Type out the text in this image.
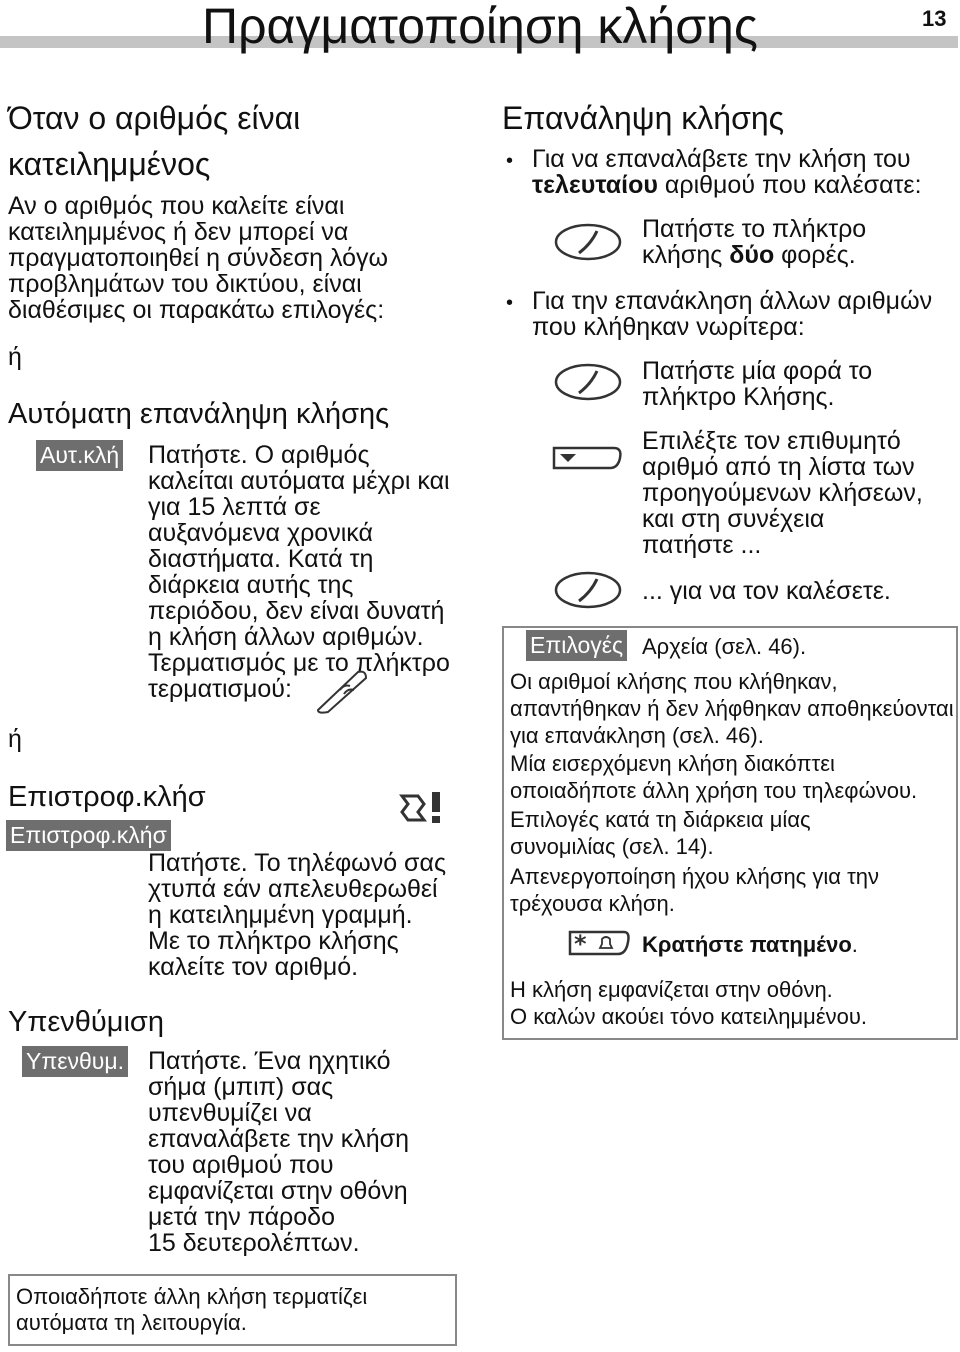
Πραγματοποίηση κλήσης	13
Όταν ο αριθμός είναι
κατειλημμένος
Αν ο αριθμός που καλείτε είναι
κατειλημμένος ή δεν μπορεί να
πραγματοποιηθεί η σύνδεση λόγω
προβλημάτων του δικτύου, είναι
διαθέσιμες οι παρακάτω επιλογές:
ή
Αυτόματη επανάληψη κλήσης
Αυτ.κλή Πατήστε. Ο αριθμός
καλείται αυτόματα μέχρι και
για 15 λεπτά σε
αυξανόμενα χρονικά
διαστήματα. Κατά τη
διάρκεια αυτής της
περιόδου, δεν είναι δυνατή
η κλήση άλλων αριθμών.
Τερματισμός με το πλήκτρο
τερματισμού:
ή
Επιστροφ.κλήσ
Επιστροφ.κλήσ
Πατήστε. Το τηλέφωνό σας
χτυπά εάν απελευθερωθεί
η κατειλημμένη γραμμή.
Με το πλήκτρο κλήσης
καλείτε τον αριθμό.
Υπενθύμιση
Υπενθυμ. Πατήστε. Ένα ηχητικό
σήμα (μπιπ) σας
υπενθυμίζει να
επαναλάβετε την κλήση
του αριθμού που
εμφανίζεται στην οθόνη
μετά την πάροδο
15 δευτερολέπτων.
Οποιαδήποτε άλλη κλήση τερματίζει
αυτόματα τη λειτουργία.
Επανάληψη κλήσης
• Για να επαναλάβετε την κλήση του
τελευταίου αριθμού που καλέσατε:
Πατήστε το πλήκτρο
κλήσης δύο φορές.
• Για την επανάκληση άλλων αριθμών
που κλήθηκαν νωρίτερα:
Πατήστε μία φορά το
πλήκτρο Κλήσης.
Επιλέξτε τον επιθυμητό
αριθμό από τη λίστα των
προηγούμενων κλήσεων,
και στη συνέχεια
πατήστε ...
... για να τον καλέσετε.
Επιλογές Αρχεία (σελ. 46).
Οι αριθμοί κλήσης που κλήθηκαν,
απαντήθηκαν ή δεν λήφθηκαν αποθηκεύονται
για επανάκληση (σελ. 46).
Μία εισερχόμενη κλήση διακόπτει
οποιαδήποτε άλλη χρήση του τηλεφώνου.
Επιλογές κατά τη διάρκεια μίας
συνομιλίας (σελ. 14).
Απενεργοποίηση ήχου κλήσης για την
τρέχουσα κλήση.
*	Κρατήστε πατημένο.
Η κλήση εμφανίζεται στην οθόνη.
Ο καλών ακούει τόνο κατειλημμένου.
